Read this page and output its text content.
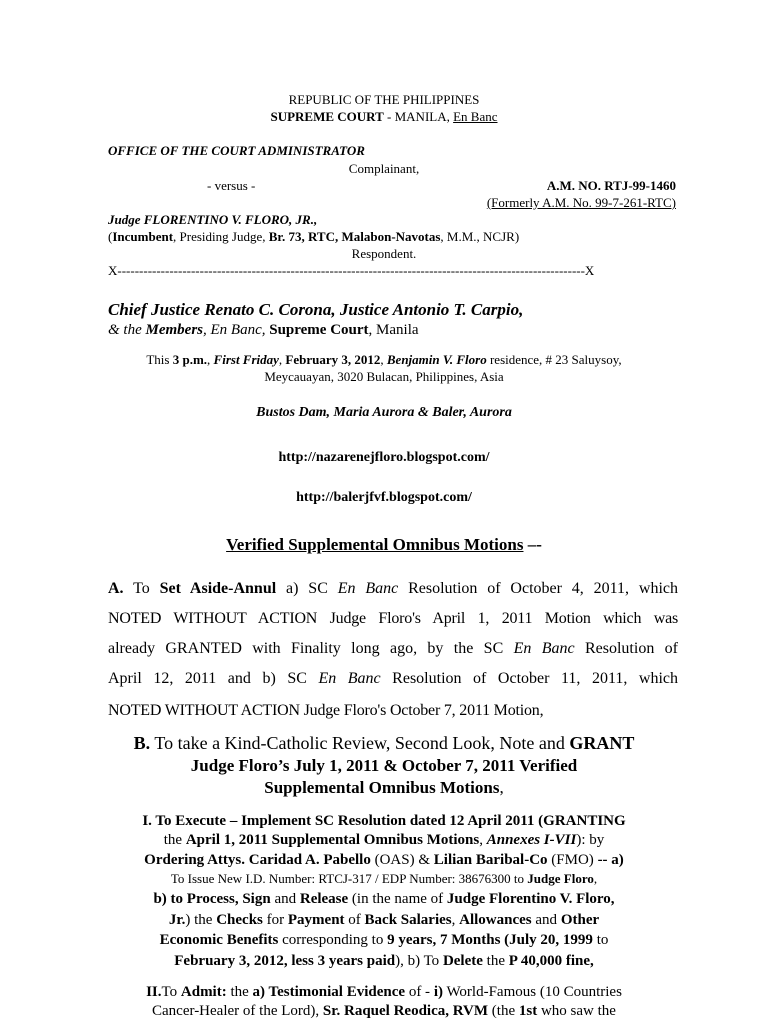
REPUBLIC OF THE PHILIPPINES
SUPREME COURT - MANILA, En Banc
OFFICE OF THE COURT ADMINISTRATOR
Complainant,
- versus -	A.M. NO. RTJ-99-1460
(Formerly A.M. No. 99-7-261-RTC)
Judge FLORENTINO V. FLORO, JR.,
(Incumbent, Presiding Judge, Br. 73, RTC, Malabon-Navotas, M.M., NCJR)
Respondent.
X------------------------------------------------------------------------------------------------------------X
Chief Justice Renato C. Corona, Justice Antonio T. Carpio,
& the Members, En Banc, Supreme Court, Manila
This 3 p.m., First Friday, February 3, 2012, Benjamin V. Floro residence, # 23 Saluysoy,
Meycauayan, 3020 Bulacan, Philippines, Asia
Bustos Dam, Maria Aurora & Baler, Aurora
http://nazarenejfloro.blogspot.com/
http://balerjfvf.blogspot.com/
Verified Supplemental Omnibus Motions –-
A. To Set Aside-Annul a) SC En Banc Resolution of October 4, 2011, which
NOTED WITHOUT ACTION Judge Floro's April 1, 2011 Motion which was
already GRANTED with Finality long ago, by the SC En Banc Resolution of
April 12, 2011 and b) SC En Banc Resolution of October 11, 2011, which
NOTED WITHOUT ACTION Judge Floro's October 7, 2011 Motion,
B. To take a Kind-Catholic Review, Second Look, Note and GRANT
Judge Floro’s July 1, 2011 & October 7, 2011 Verified
Supplemental Omnibus Motions,
I. To Execute – Implement SC Resolution dated 12 April 2011 (GRANTING
the April 1, 2011 Supplemental Omnibus Motions, Annexes I-VII): by
Ordering Attys. Caridad A. Pabello (OAS) & Lilian Baribal-Co (FMO) -- a)
To Issue New I.D. Number: RTCJ-317 / EDP Number: 38676300 to Judge Floro,
b) to Process, Sign and Release (in the name of Judge Florentino V. Floro,
Jr.) the Checks for Payment of Back Salaries, Allowances and Other
Economic Benefits corresponding to 9 years, 7 Months (July 20, 1999 to
February 3, 2012, less 3 years paid), b) To Delete the P 40,000 fine,
II.To Admit: the a) Testimonial Evidence of - i) World-Famous (10 Countries
Cancer-Healer of the Lord), Sr. Raquel Reodica, RVM (the 1st who saw the
